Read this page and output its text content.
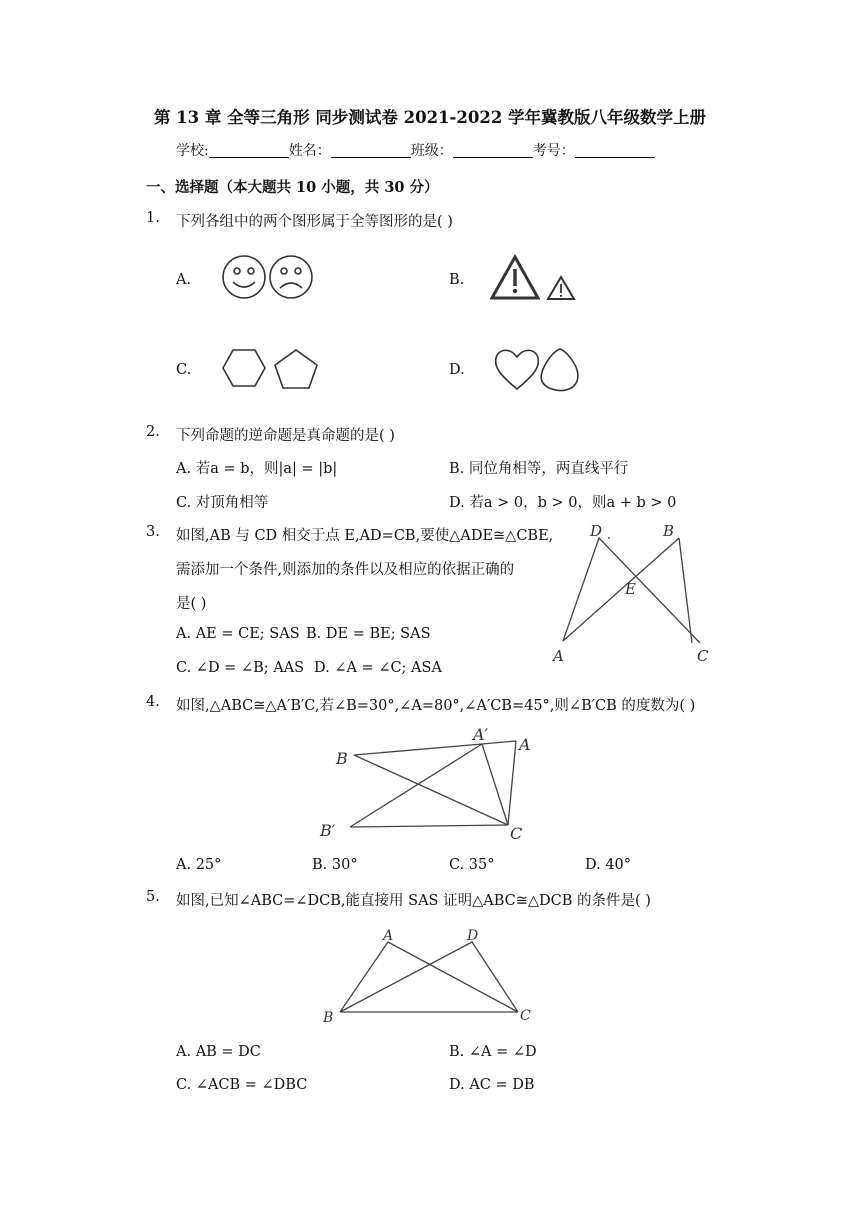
第 13 章 全等三角形 同步测试卷 2021-2022 学年冀教版八年级数学上册
学校:	姓名：	班级：	考号：
一、选择题（本大题共 10 小题，共 30 分）
1. 下列各组中的两个图形属于全等图形的是( )
A.	B.
C.	D.
2. 下列命题的逆命题是真命题的是( )
A. 若a = b，则|a| = |b|	B. 同位角相等，两直线平行
C. 对顶角相等	D. 若a > 0，b > 0，则a + b > 0
3. 如图,AB 与 CD 相交于点 E,AD=CB,要使△ADE≅△CBE,
需添加一个条件,则添加的条件以及相应的依据正确的
是( )
A. AE = CE; SAS B. DE = BE; SAS
C. ∠D = ∠B; AAS D. ∠A = ∠C; ASA
D	B
E
A	C
4. 如图,△ABC≅△A′B′C,若∠B=30°,∠A=80°,∠A′CB=45°,则∠B′CB 的度数为( )
B
A′
A
B′	C
A. 25°	B. 30°	C. 35°	D. 40°
5. 如图,已知∠ABC=∠DCB,能直接用 SAS 证明△ABC≅△DCB 的条件是( )
A	D
B	C
A. AB = DC	B. ∠A = ∠D
C. ∠ACB = ∠DBC	D. AC = DB
